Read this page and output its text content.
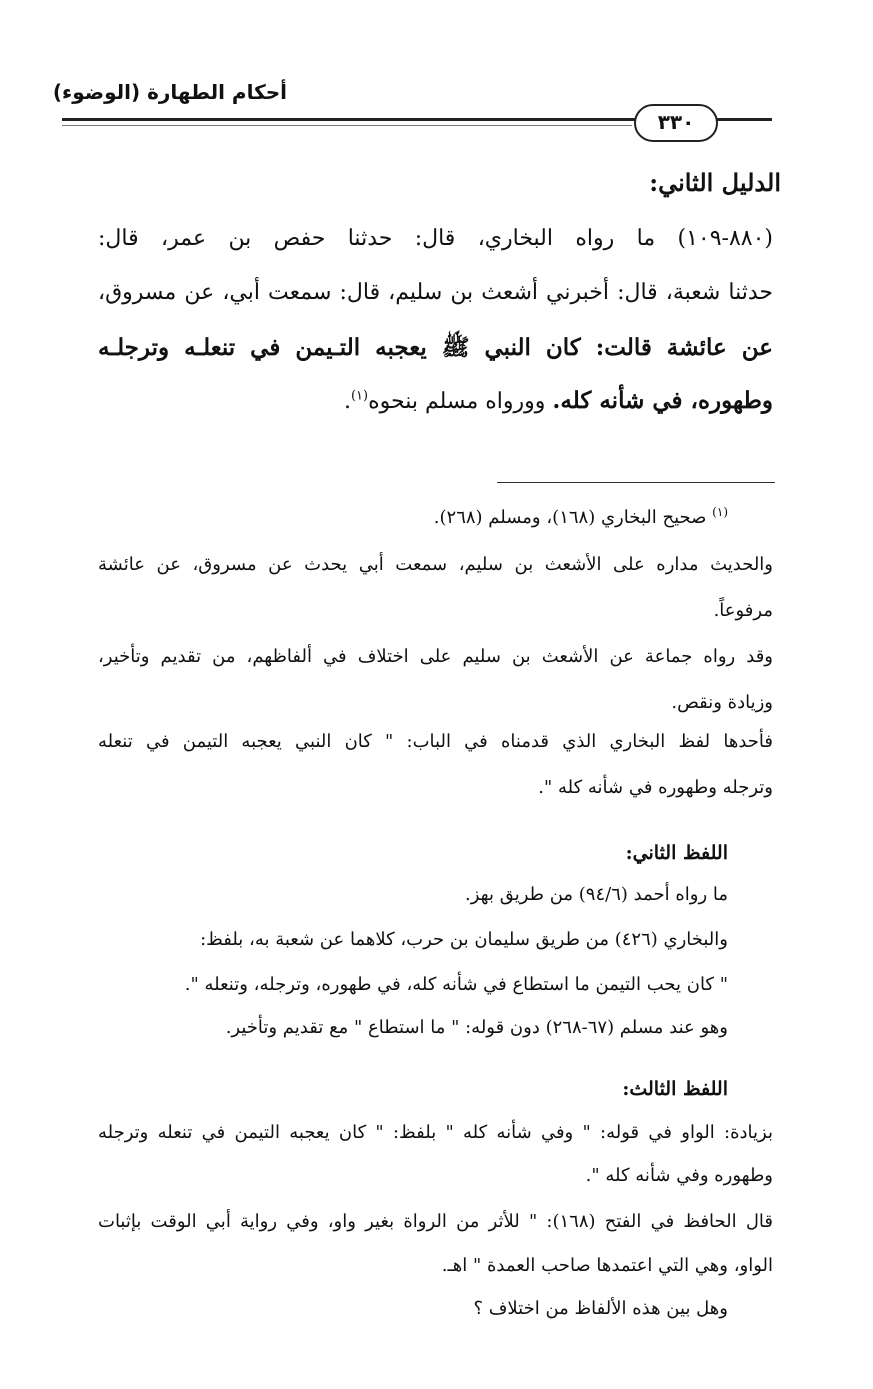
أحكام الطهارة (الوضوء)
٣٣٠
الدليل الثاني:
(٨٨٠-١٠٩) ما رواه البخاري، قال: حدثنا حفص بن عمر، قال:
حدثنا شعبة، قال: أخبرني أشعث بن سليم، قال: سمعت أبي، عن مسروق،
عن عائشة قالت: كان النبي ﷺ يعجبه التـيمن في تنعلـه وترجلـه
وطهوره، في شأنه كله. وورواه مسلم بنحوه$^{(١)}$.
$^{(١)}$ صحيح البخاري (١٦٨)، ومسلم (٢٦٨).
والحديث مداره على الأشعث بن سليم، سمعت أبي يحدث عن مسروق، عن عائشة
مرفوعاً.
وقد رواه جماعة عن الأشعث بن سليم على اختلاف في ألفاظهم، من تقديم وتأخير،
وزيادة ونقص.
فأحدها لفظ البخاري الذي قدمناه في الباب: " كان النبي يعجبه التيمن في تنعله
وترجله وطهوره في شأنه كله ".
اللفظ الثاني:
ما رواه أحمد (٩٤/٦) من طريق بهز.
والبخاري (٤٢٦) من طريق سليمان بن حرب، كلاهما عن شعبة به، بلفظ:
" كان يحب التيمن ما استطاع في شأنه كله، في طهوره، وترجله، وتنعله ".
وهو عند مسلم (٦٧-٢٦٨) دون قوله: " ما استطاع " مع تقديم وتأخير.
اللفظ الثالث:
بزيادة: الواو في قوله: " وفي شأنه كله " بلفظ: " كان يعجبه التيمن في تنعله وترجله
وطهوره وفي شأنه كله ".
قال الحافظ في الفتح (١٦٨): " للأثر من الرواة بغير واو، وفي رواية أبي الوقت بإثبات
الواو، وهي التي اعتمدها صاحب العمدة " اهـ.
وهل بين هذه الألفاظ من اختلاف ؟
